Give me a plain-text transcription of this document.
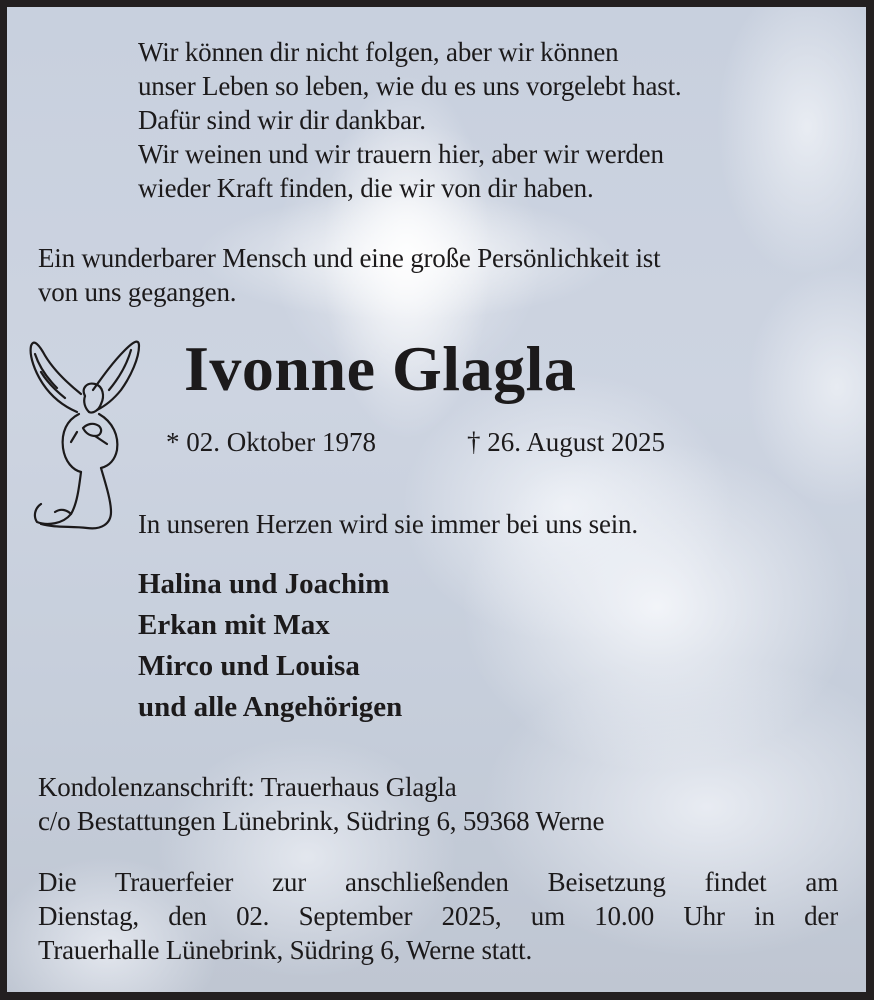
Wir können dir nicht folgen, aber wir können
unser Leben so leben, wie du es uns vorgelebt hast.
Dafür sind wir dir dankbar.
Wir weinen und wir trauern hier, aber wir werden
wieder Kraft finden, die wir von dir haben.
Ein wunderbarer Mensch und eine große Persönlichkeit ist
von uns gegangen.
Ivonne Glagla
* 02. Oktober 1978	† 26. August 2025
In unseren Herzen wird sie immer bei uns sein.
Halina und Joachim
Erkan mit Max
Mirco und Louisa
und alle Angehörigen
Kondolenzanschrift: Trauerhaus Glagla
c/o Bestattungen Lünebrink, Südring 6, 59368 Werne
Die Trauerfeier zur anschließenden Beisetzung findet am
Dienstag, den 02. September 2025, um 10.00 Uhr in der
Trauerhalle Lünebrink, Südring 6, Werne statt.
